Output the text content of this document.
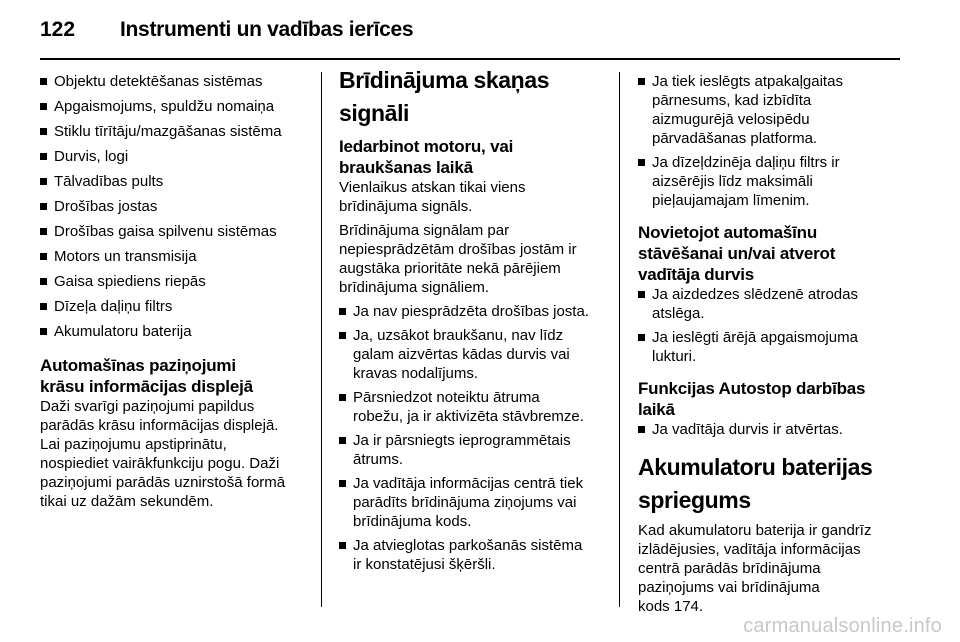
122	Instrumenti un vadības ierīces
Objektu detektēšanas sistēmas
Apgaismojums, spuldžu nomaiņa
Stiklu tīrītāju/mazgāšanas sistēma
Durvis, logi
Tālvadības pults
Drošības jostas
Drošības gaisa spilvenu sistēmas
Motors un transmisija
Gaisa spiediens riepās
Dīzeļa daļiņu filtrs
Akumulatoru baterija
Automašīnas paziņojumi
krāsu informācijas displejā

Daži svarīgi paziņojumi papildus
parādās krāsu informācijas displejā.
Lai paziņojumu apstiprinātu,
nospiediet vairākfunkciju pogu. Daži
paziņojumi parādās uznirstošā formā
tikai uz dažām sekundēm.

Brīdinājuma skaņas signāli
Iedarbinot motoru, vai
braukšanas laikā

Vienlaikus atskan tikai viens
brīdinājuma signāls.

Brīdinājuma signālam par
nepiesprādzētām drošības jostām ir
augstāka prioritāte nekā pārējiem
brīdinājuma signāliem.

Ja nav piesprādzēta drošības josta.
Ja, uzsākot braukšanu, nav līdz
galam aizvērtas kādas durvis vai
kravas nodalījums.
Pārsniedzot noteiktu ātruma
robežu, ja ir aktivizēta stāvbremze.
Ja ir pārsniegts ieprogrammētais
ātrums.
Ja vadītāja informācijas centrā tiek
parādīts brīdinājuma ziņojums vai
brīdinājuma kods.
Ja atvieglotas parkošanās sistēma
ir konstatējusi šķēršli.
Ja tiek ieslēgts atpakaļgaitas
pārnesums, kad izbīdīta
aizmugurējā velosipēdu
pārvadāšanas platforma.
Ja dīzeļdzinēja daļiņu filtrs ir
aizsērējis līdz maksimāli
pieļaujamajam līmenim.
Novietojot automašīnu
stāvēšanai un/vai atverot
vadītāja durvis
Ja aizdedzes slēdzenē atrodas
atslēga.
Ja ieslēgti ārējā apgaismojuma
lukturi.
Funkcijas Autostop darbības
laikā
Ja vadītāja durvis ir atvērtas.
Akumulatoru baterijas
spriegums

Kad akumulatoru baterija ir gandrīz
izlādējusies, vadītāja informācijas
centrā parādās brīdinājuma
paziņojums vai brīdinājuma
kods 174.

carmanualsonline.info
